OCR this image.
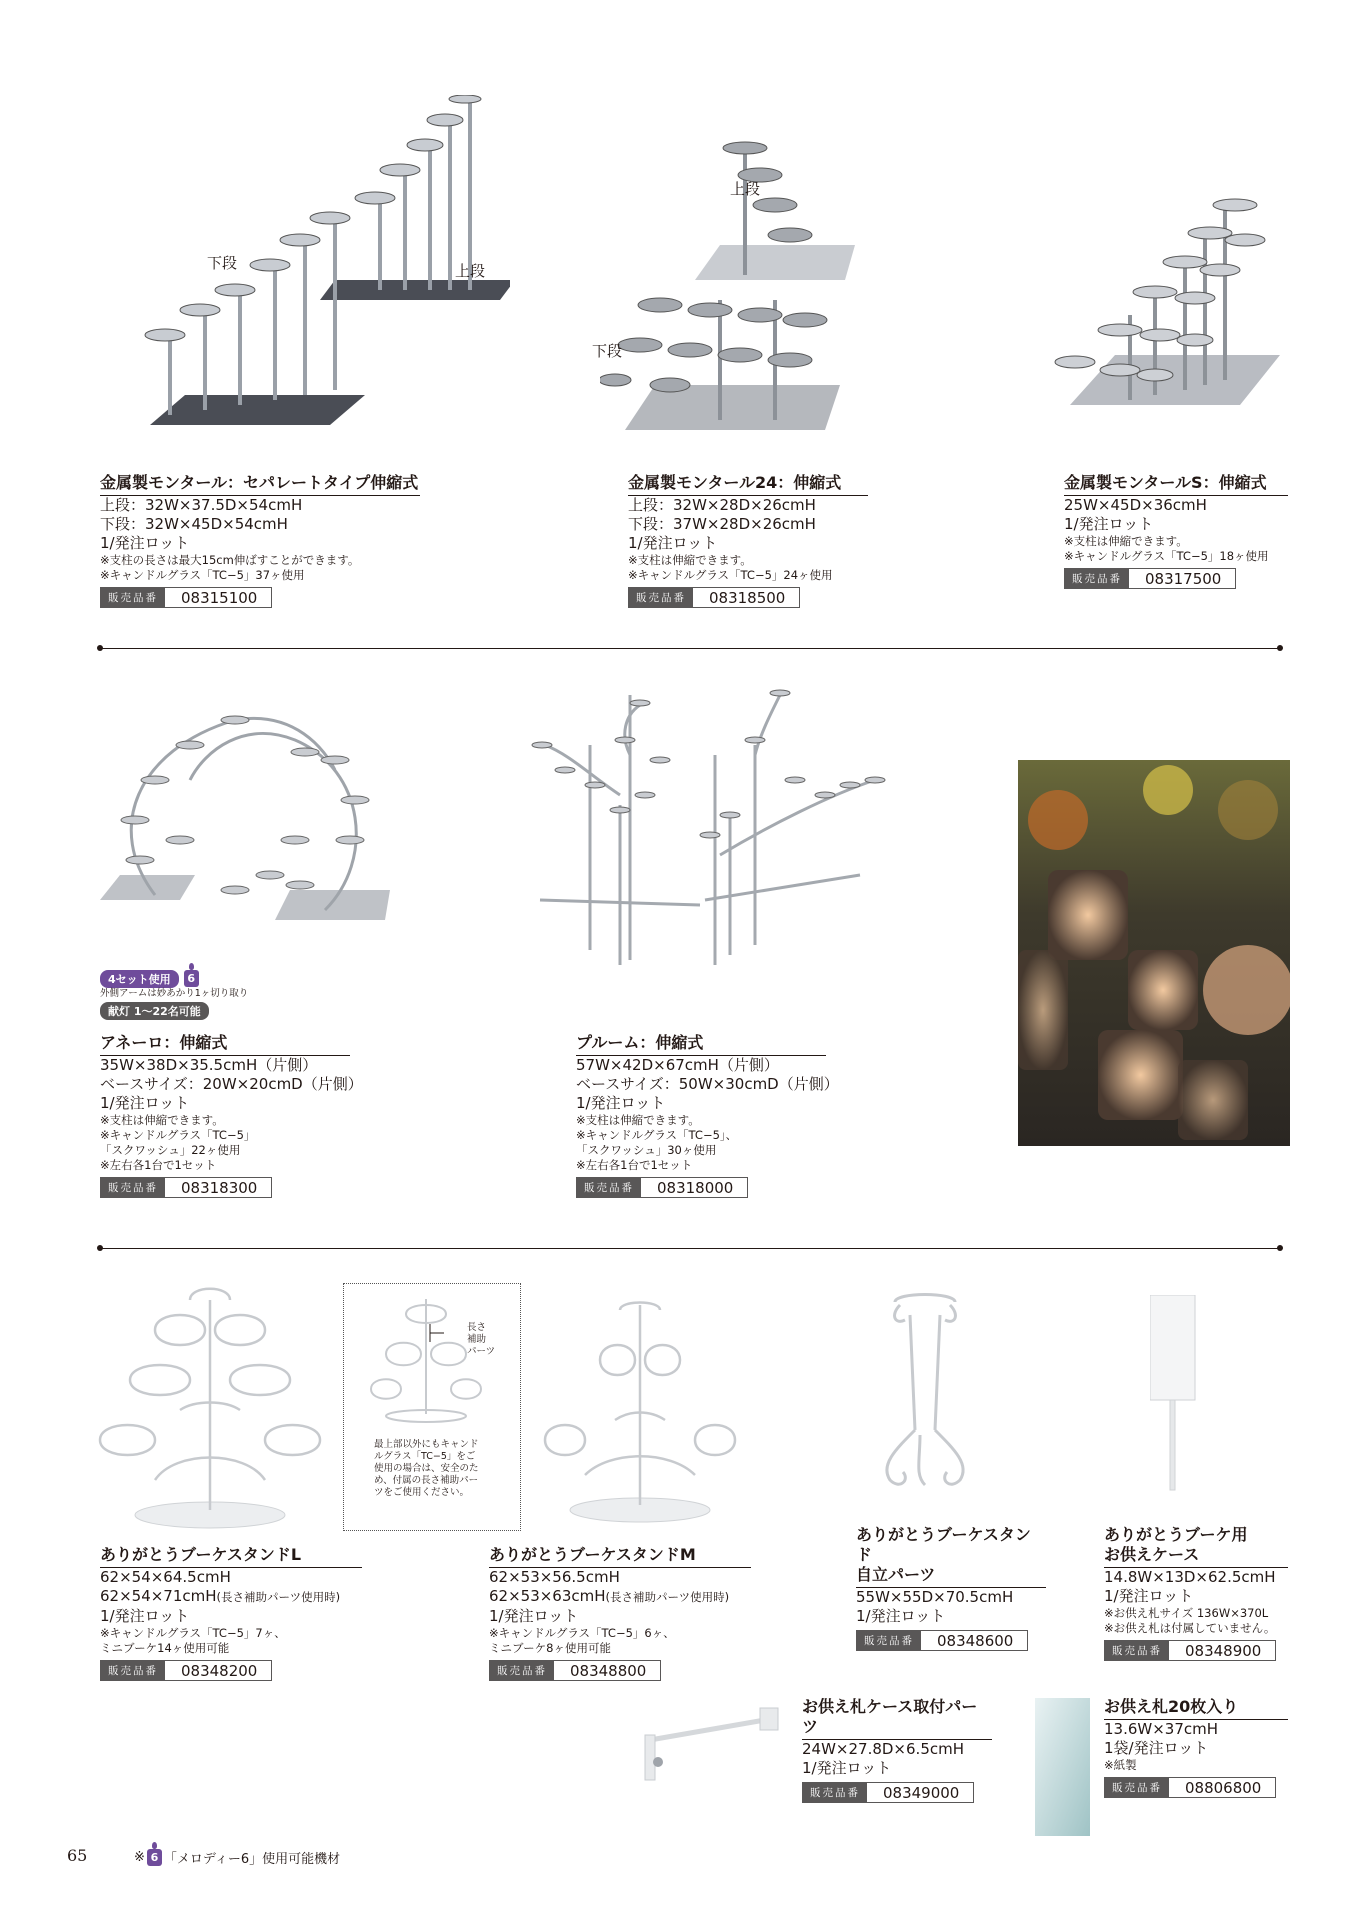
下段	上段
上段
下段
金属製モンタール：セパレートタイプ伸縮式
上段：32W×37.5D×54cmH
下段：32W×45D×54cmH
1/発注ロット
※支柱の長さは最大15cm伸ばすことができます。
※キャンドルグラス「TC−5」37ヶ使用
販売品番	08315100
金属製モンタール24：伸縮式
上段：32W×28D×26cmH
下段：37W×28D×26cmH
1/発注ロット
※支柱は伸縮できます。
※キャンドルグラス「TC−5」24ヶ使用
販売品番	08318500
金属製モンタールS：伸縮式
25W×45D×36cmH
1/発注ロット
※支柱は伸縮できます。
※キャンドルグラス「TC−5」18ヶ使用
販売品番	08317500
4セット使用 6
外側アームは妙あかり1ヶ切り取り
献灯 1〜22名可能
アネーロ：伸縮式
35W×38D×35.5cmH（片側）
ベースサイズ：20W×20cmD（片側）
1/発注ロット
※支柱は伸縮できます。
※キャンドルグラス「TC−5」
「スクワッシュ」22ヶ使用
※左右各1台で1セット
販売品番	08318300
プルーム：伸縮式
57W×42D×67cmH（片側）
ベースサイズ：50W×30cmD（片側）
1/発注ロット
※支柱は伸縮できます。
※キャンドルグラス「TC−5」、
「スクワッシュ」30ヶ使用
※左右各1台で1セット
販売品番	08318000
長さ
補助
パーツ
最上部以外にもキャンド
ルグラス「TC−5」をご
使用の場合は、安全のた
め、付属の長さ補助パー
ツをご使用ください。
ありがとうブーケスタンドL
62×54×64.5cmH
62×54×71cmH(長さ補助パーツ使用時)
1/発注ロット
※キャンドルグラス「TC−5」7ヶ、
ミニブーケ14ヶ使用可能
販売品番	08348200
ありがとうブーケスタンドM
62×53×56.5cmH
62×53×63cmH(長さ補助パーツ使用時)
1/発注ロット
※キャンドルグラス「TC−5」6ヶ、
ミニブーケ8ヶ使用可能
販売品番	08348800
ありがとうブーケスタンド
自立パーツ
55W×55D×70.5cmH
1/発注ロット
販売品番	08348600
ありがとうブーケ用
お供えケース
14.8W×13D×62.5cmH
1/発注ロット
※お供え札サイズ 136W×370L
※お供え札は付属していません。
販売品番	08348900
お供え札ケース取付パーツ
24W×27.8D×6.5cmH
1/発注ロット
販売品番	08349000
お供え札20枚入り
13.6W×37cmH
1袋/発注ロット
※紙製
販売品番	08806800
65	※ 6 「メロディー6」使用可能機材
